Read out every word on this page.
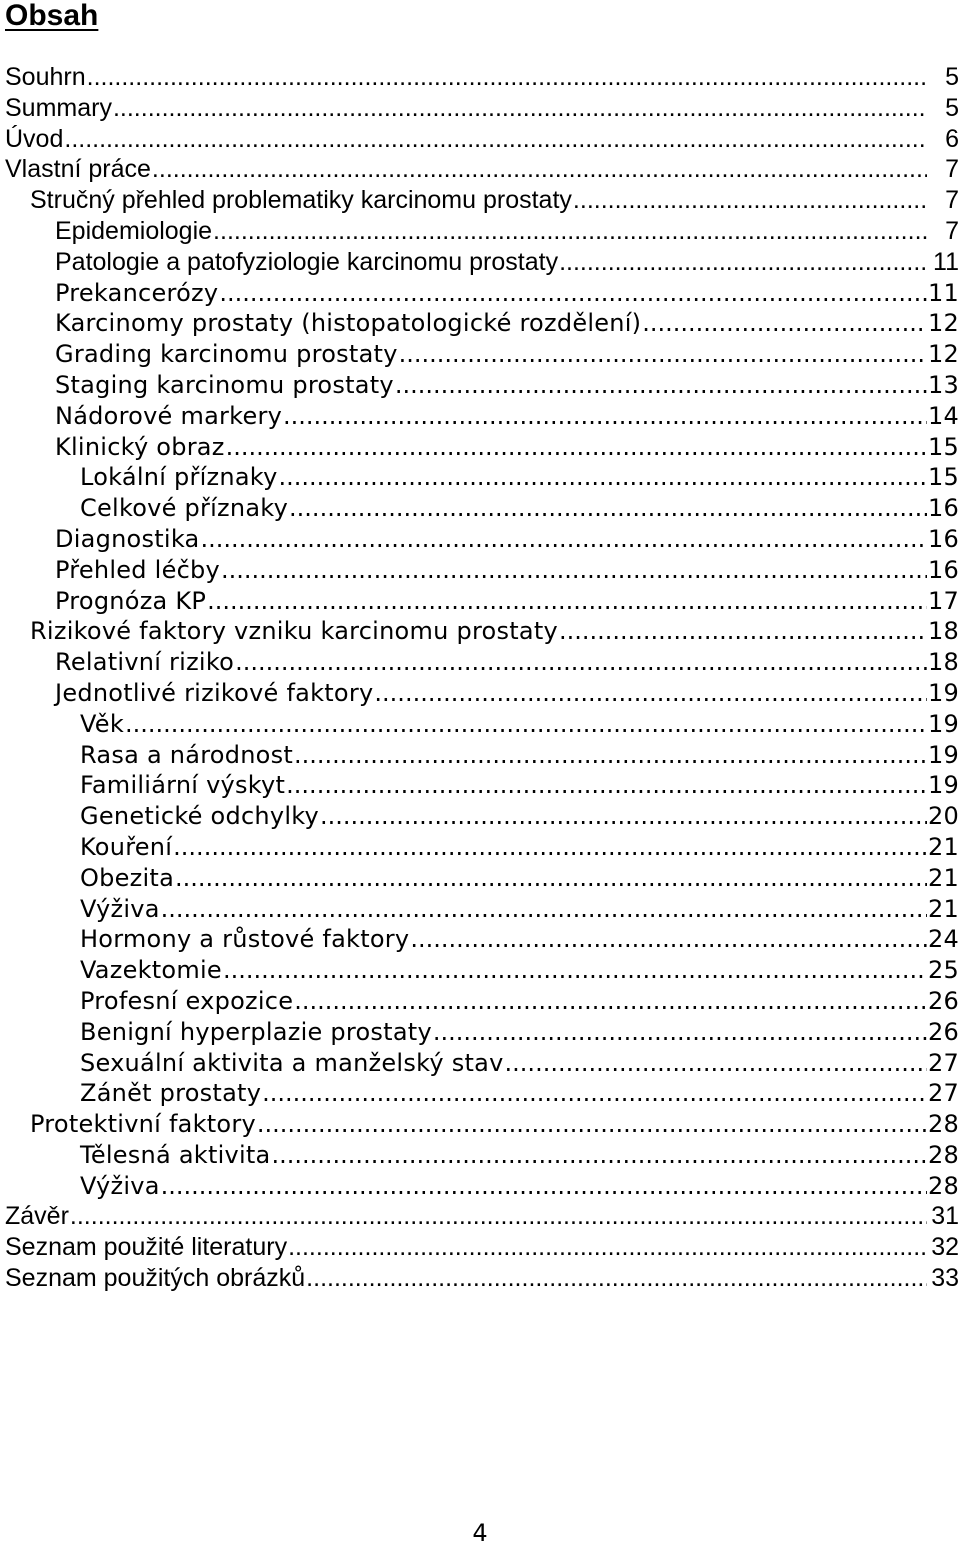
Obsah
Souhrn .....	5
Summary .....	5
Úvod .....	6
Vlastní práce .....	7
Stručný přehled problematiky karcinomu prostaty .....	7
Epidemiologie .....	7
Patologie a patofyziologie karcinomu prostaty .....	11
Prekancerózy .....	11
Karcinomy prostaty (histopatologické rozdělení) .....	12
Grading karcinomu prostaty .....	12
Staging karcinomu prostaty .....	13
Nádorové markery .....	14
Klinický obraz .....	15
Lokální příznaky .....	15
Celkové příznaky .....	16
Diagnostika .....	16
Přehled léčby .....	16
Prognóza KP .....	17
Rizikové faktory vzniku karcinomu prostaty .....	18
Relativní riziko .....	18
Jednotlivé rizikové faktory .....	19
Věk .....	19
Rasa a národnost .....	19
Familiární výskyt .....	19
Genetické odchylky .....	20
Kouření .....	21
Obezita .....	21
Výživa .....	21
Hormony a růstové faktory .....	24
Vazektomie .....	25
Profesní expozice .....	26
Benigní hyperplazie prostaty .....	26
Sexuální aktivita a manželský stav .....	27
Zánět prostaty .....	27
Protektivní faktory .....	28
Tělesná aktivita .....	28
Výživa .....	28
Závěr .....	31
Seznam použité literatury .....	32
Seznam použitých obrázků .....	33
4
